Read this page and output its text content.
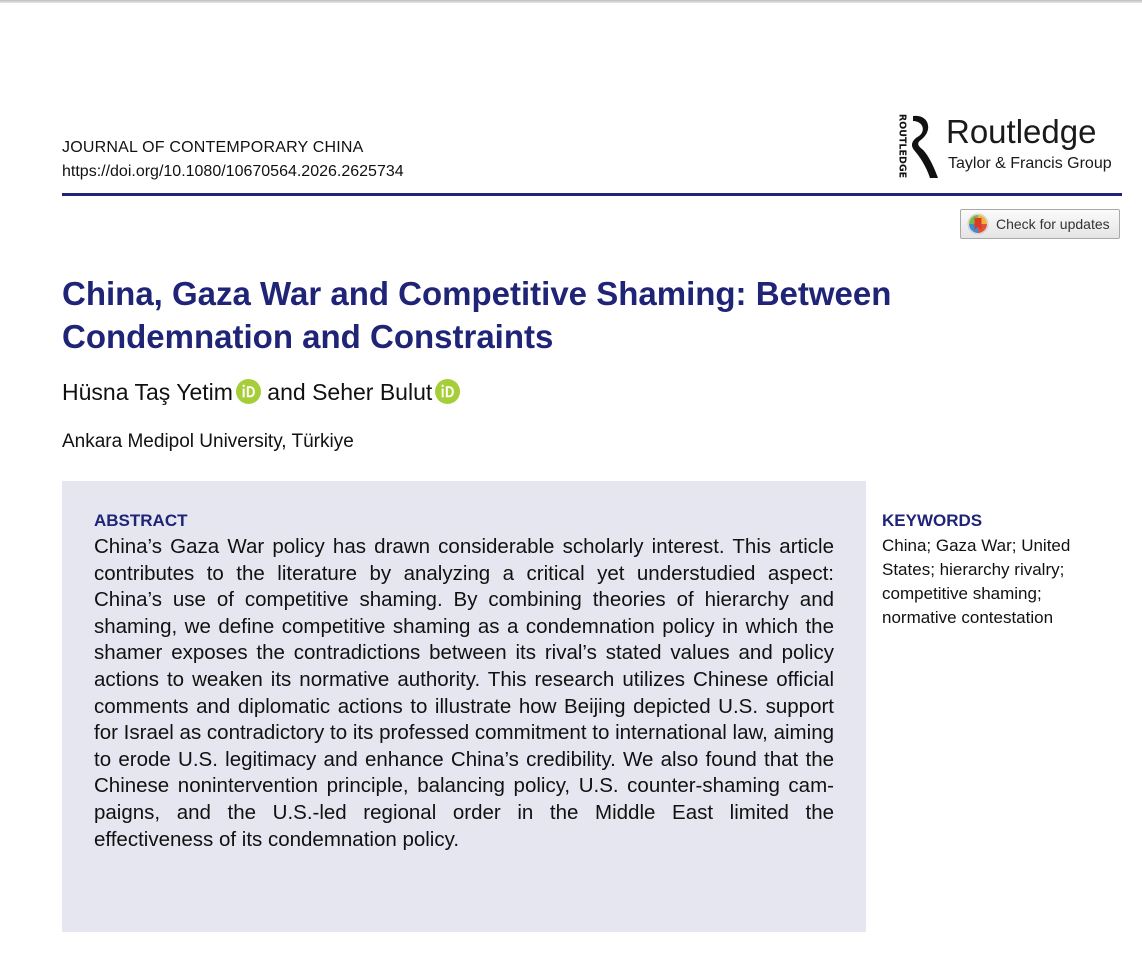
JOURNAL OF CONTEMPORARY CHINA
https://doi.org/10.1080/10670564.2026.2625734	ROUTLEDGE Routledge
Taylor & Francis Group
Check for updates
China, Gaza War and Competitive Shaming: Between Condemnation and Constraints
Hüsna Taş Yetim and Seher Bulut
Ankara Medipol University, Türkiye
ABSTRACT

China’s Gaza War policy has drawn considerable scholarly interest. This article contributes to the literature by analyzing a critical yet understudied aspect: China’s use of competitive shaming. By combining theories of hierarchy and shaming, we define competitive shaming as a condemnation policy in which the shamer exposes the contradictions between its rival’s stated values and policy actions to weaken its normative authority. This research utilizes Chinese official comments and diplomatic actions to illustrate how Beijing depicted U.S. support for Israel as contradictory to its professed commitment to international law, aiming to erode U.S. legitimacy and enhance China’s credibility. We also found that the Chinese nonintervention principle, balancing policy, U.S. counter-shaming campaigns, and the U.S.-led regional order in the Middle East limited the effectiveness of its condemnation policy.

KEYWORDS

China; Gaza War; United States; hierarchy rivalry; competitive shaming; normative contestation
